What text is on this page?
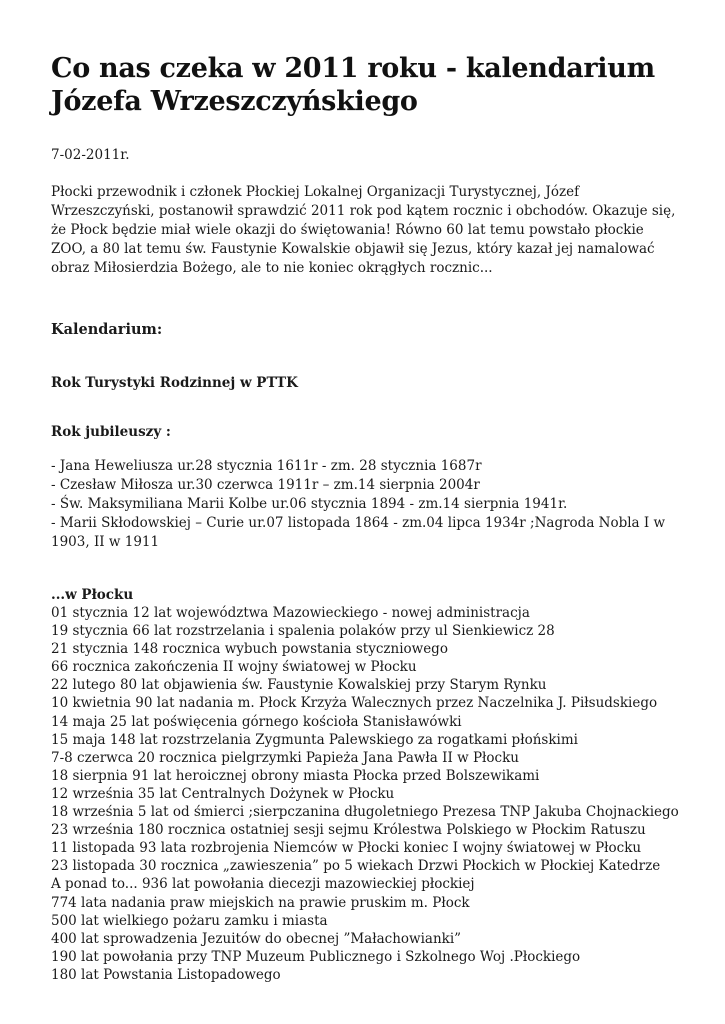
Co nas czeka w 2011 roku - kalendarium Józefa Wrzeszczyńskiego
7-02-2011r.
Płocki przewodnik i członek Płockiej Lokalnej Organizacji Turystycznej, Józef Wrzeszczyński, postanowił sprawdzić 2011 rok pod kątem rocznic i obchodów. Okazuje się, że Płock będzie miał wiele okazji do świętowania! Równo 60 lat temu powstało płockie ZOO, a 80 lat temu św. Faustynie Kowalskie objawił się Jezus, który kazał jej namalować obraz Miłosierdzia Bożego, ale to nie koniec okrągłych rocznic...
Kalendarium:
Rok Turystyki Rodzinnej w PTTK
Rok jubileuszy :
- Jana Heweliusza ur.28 stycznia 1611r - zm. 28 stycznia 1687r
- Czesław Miłosza ur.30 czerwca 1911r – zm.14 sierpnia 2004r
- Św. Maksymiliana Marii Kolbe ur.06 stycznia 1894 - zm.14 sierpnia 1941r.
- Marii Skłodowskiej – Curie ur.07 listopada 1864 - zm.04 lipca 1934r ;Nagroda Nobla I w 1903, II w 1911
...w Płocku
01 stycznia 12 lat województwa Mazowieckiego - nowej administracja
19 stycznia 66 lat rozstrzelania i spalenia polaków przy ul Sienkiewicz 28
21 stycznia 148 rocznica wybuch powstania styczniowego
66 rocznica zakończenia II wojny światowej w Płocku
22 lutego 80 lat objawienia św. Faustynie Kowalskiej przy Starym Rynku
10 kwietnia 90 lat nadania m. Płock Krzyża Walecznych przez Naczelnika J. Piłsudskiego
14 maja 25 lat poświęcenia górnego kościoła Stanisławówki
15 maja 148 lat rozstrzelania Zygmunta Palewskiego za rogatkami płońskimi
7-8 czerwca 20 rocznica pielgrzymki Papieża Jana Pawła II w Płocku
18 sierpnia 91 lat heroicznej obrony miasta Płocka przed Bolszewikami
12 września 35 lat Centralnych Dożynek w Płocku
18 września 5 lat od śmierci ;sierpczanina długoletniego Prezesa TNP Jakuba Chojnackiego
23 września 180 rocznica ostatniej sesji sejmu Królestwa Polskiego w Płockim Ratuszu
11 listopada 93 lata rozbrojenia Niemców w Płocki koniec I wojny światowej w Płocku
23 listopada 30 rocznica „zawieszenia” po 5 wiekach Drzwi Płockich w Płockiej Katedrze
A ponad to... 936 lat powołania diecezji mazowieckiej płockiej
774 lata nadania praw miejskich na prawie pruskim m. Płock
500 lat wielkiego pożaru zamku i miasta
400 lat sprowadzenia Jezuitów do obecnej ”Małachowianki”
190 lat powołania przy TNP Muzeum Publicznego i Szkolnego Woj .Płockiego
180 lat Powstania Listopadowego
